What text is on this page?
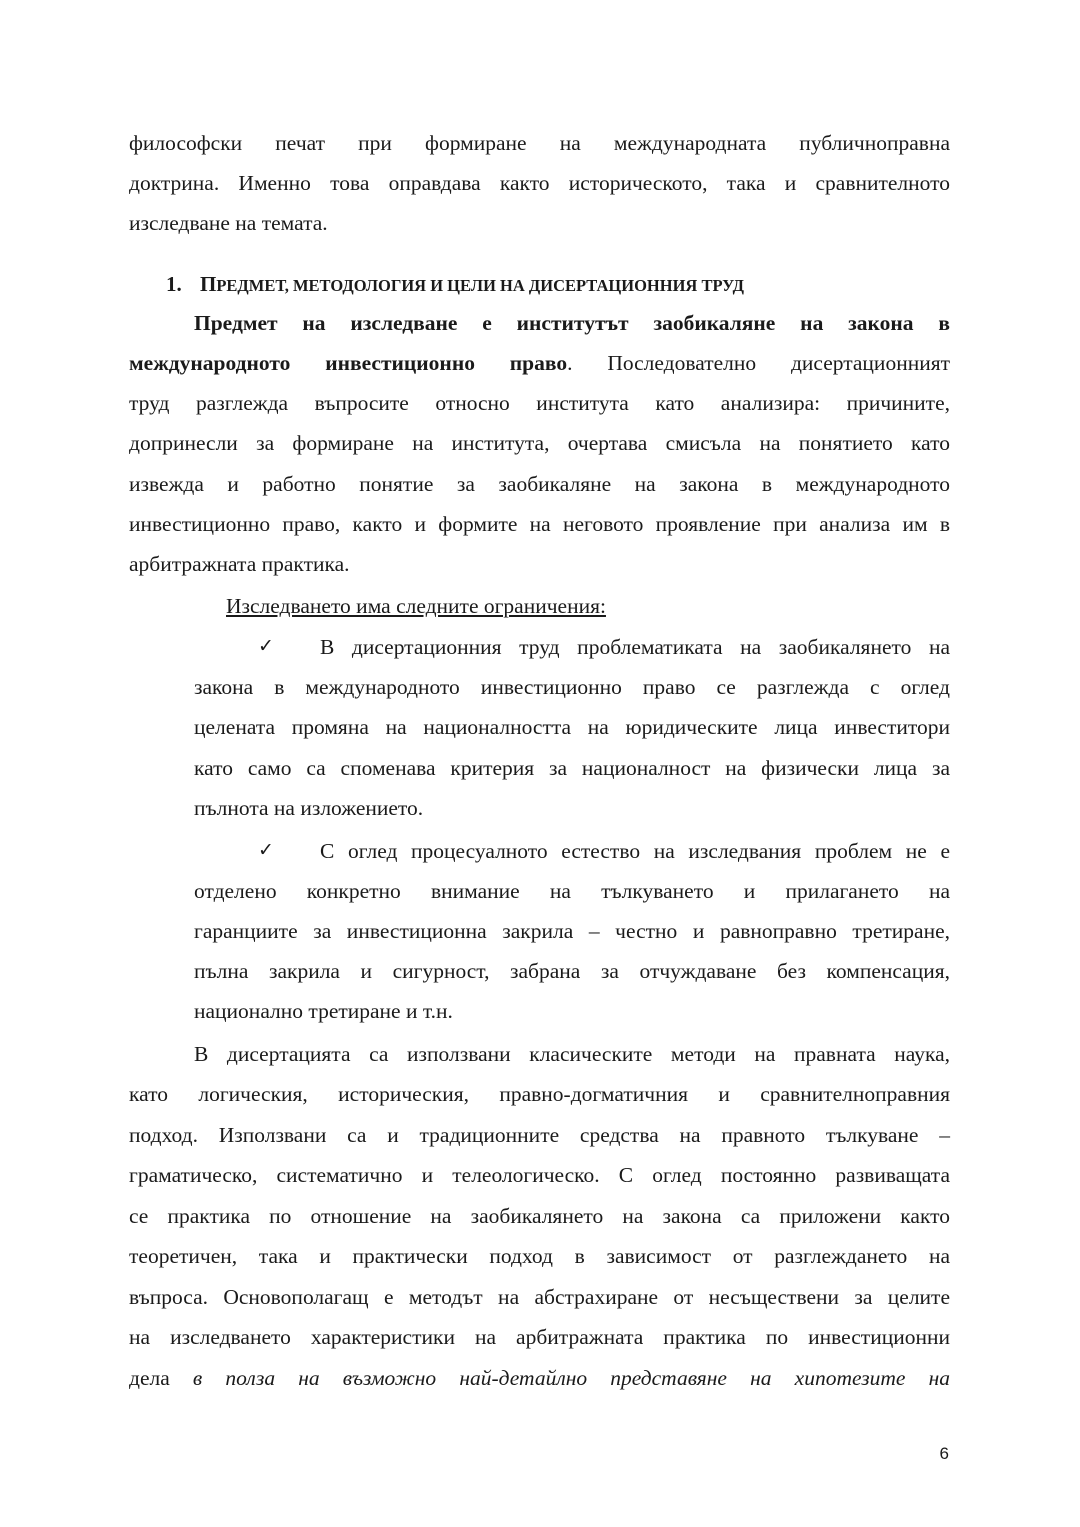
философски печат при формиране на международната публичноправна
доктрина. Именно това оправдава както историческото, така и сравнителното
изследване на темата.
1. ПРЕДМЕТ, МЕТОДОЛОГИЯ И ЦЕЛИ НА ДИСЕРТАЦИОННИЯ ТРУД
Предмет на изследване е институтът заобикаляне на закона в
международното инвестиционно право. Последователно дисертационният
труд разглежда въпросите относно института като анализира: причините,
допринесли за формиране на института, очертава смисъла на понятието като
извежда и работно понятие за заобикаляне на закона в международното
инвестиционно право, както и формите на неговото проявление при анализа им в
арбитражната практика.
Изследването има следните ограничения:
✓ В дисертационния труд проблематиката на заобикалянето на
закона в международното инвестиционно право се разглежда с оглед
целената промяна на националността на юридическите лица инвеститори
като само са споменава критерия за националност на физически лица за
пълнота на изложението.
✓ С оглед процесуалното естество на изследвания проблем не е
отделено конкретно внимание на тълкуването и прилагането на
гаранциите за инвестиционна закрила – честно и равноправно третиране,
пълна закрила и сигурност, забрана за отчуждаване без компенсация,
национално третиране и т.н.
В дисертацията са използвани класическите методи на правната наука,
като логическия, историческия, правно-догматичния и сравнителноправния
подход. Използвани са и традиционните средства на правното тълкуване –
граматическо, систематично и телеологическо. С оглед постоянно развиващата
се практика по отношение на заобикалянето на закона са приложени както
теоретичен, така и практически подход в зависимост от разглеждането на
въпроса. Основополагащ е методът на абстрахиране от несъществени за целите
на изследването характеристики на арбитражната практика по инвестиционни
дела в полза на възможно най-детайлно представяне на хипотезите на
6
